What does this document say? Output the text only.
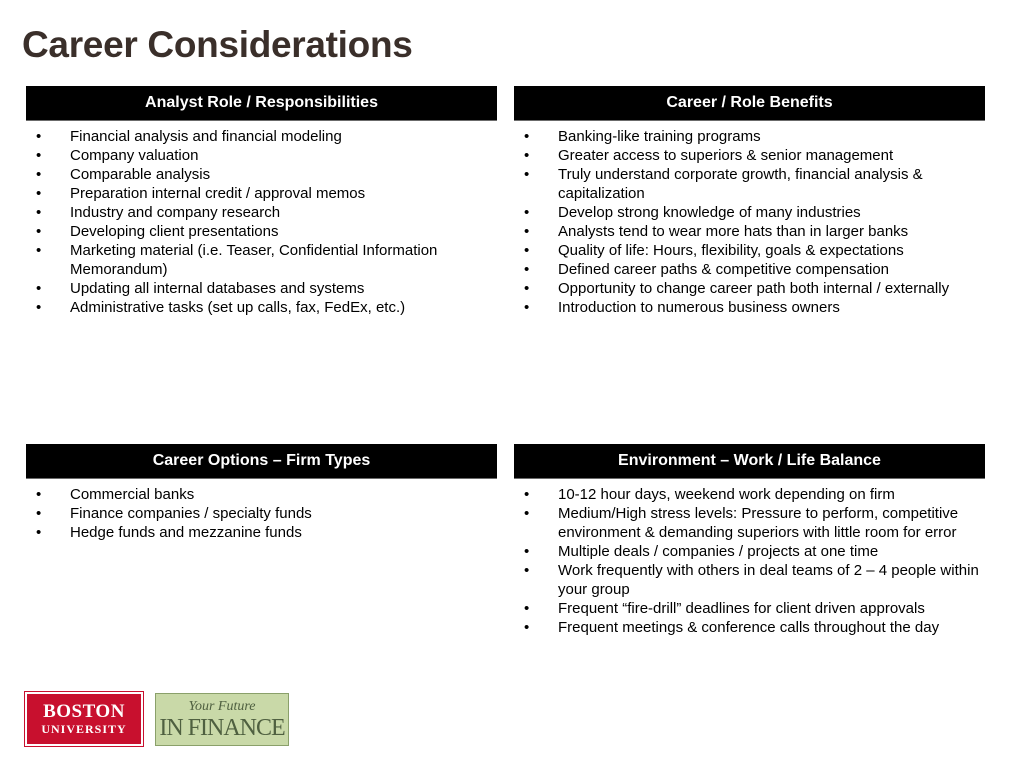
Career Considerations
Analyst Role / Responsibilities
• Financial analysis and financial modeling
• Company valuation
• Comparable analysis
• Preparation internal credit / approval memos
• Industry and company research
• Developing client presentations
• Marketing material (i.e. Teaser, Confidential Information Memorandum)
• Updating all internal databases and systems
• Administrative tasks (set up calls, fax, FedEx, etc.)
Career / Role Benefits
• Banking-like training programs
• Greater access to superiors & senior management
• Truly understand corporate growth, financial analysis & capitalization
• Develop strong knowledge of many industries
• Analysts tend to wear more hats than in larger banks
• Quality of life: Hours, flexibility, goals & expectations
• Defined career paths & competitive compensation
• Opportunity to change career path both internal / externally
• Introduction to numerous business owners
Career Options – Firm Types
• Commercial banks
• Finance companies / specialty funds
• Hedge funds and mezzanine funds
Environment – Work / Life Balance
• 10-12 hour days, weekend work depending on firm
• Medium/High stress levels: Pressure to perform, competitive environment & demanding superiors with little room for error
• Multiple deals / companies / projects at one time
• Work frequently with others in deal teams of 2 – 4 people within your group
• Frequent “fire-drill” deadlines for client driven approvals
• Frequent meetings & conference calls throughout the day
BOSTON
UNIVERSITY
Your Future
IN FINANCE
